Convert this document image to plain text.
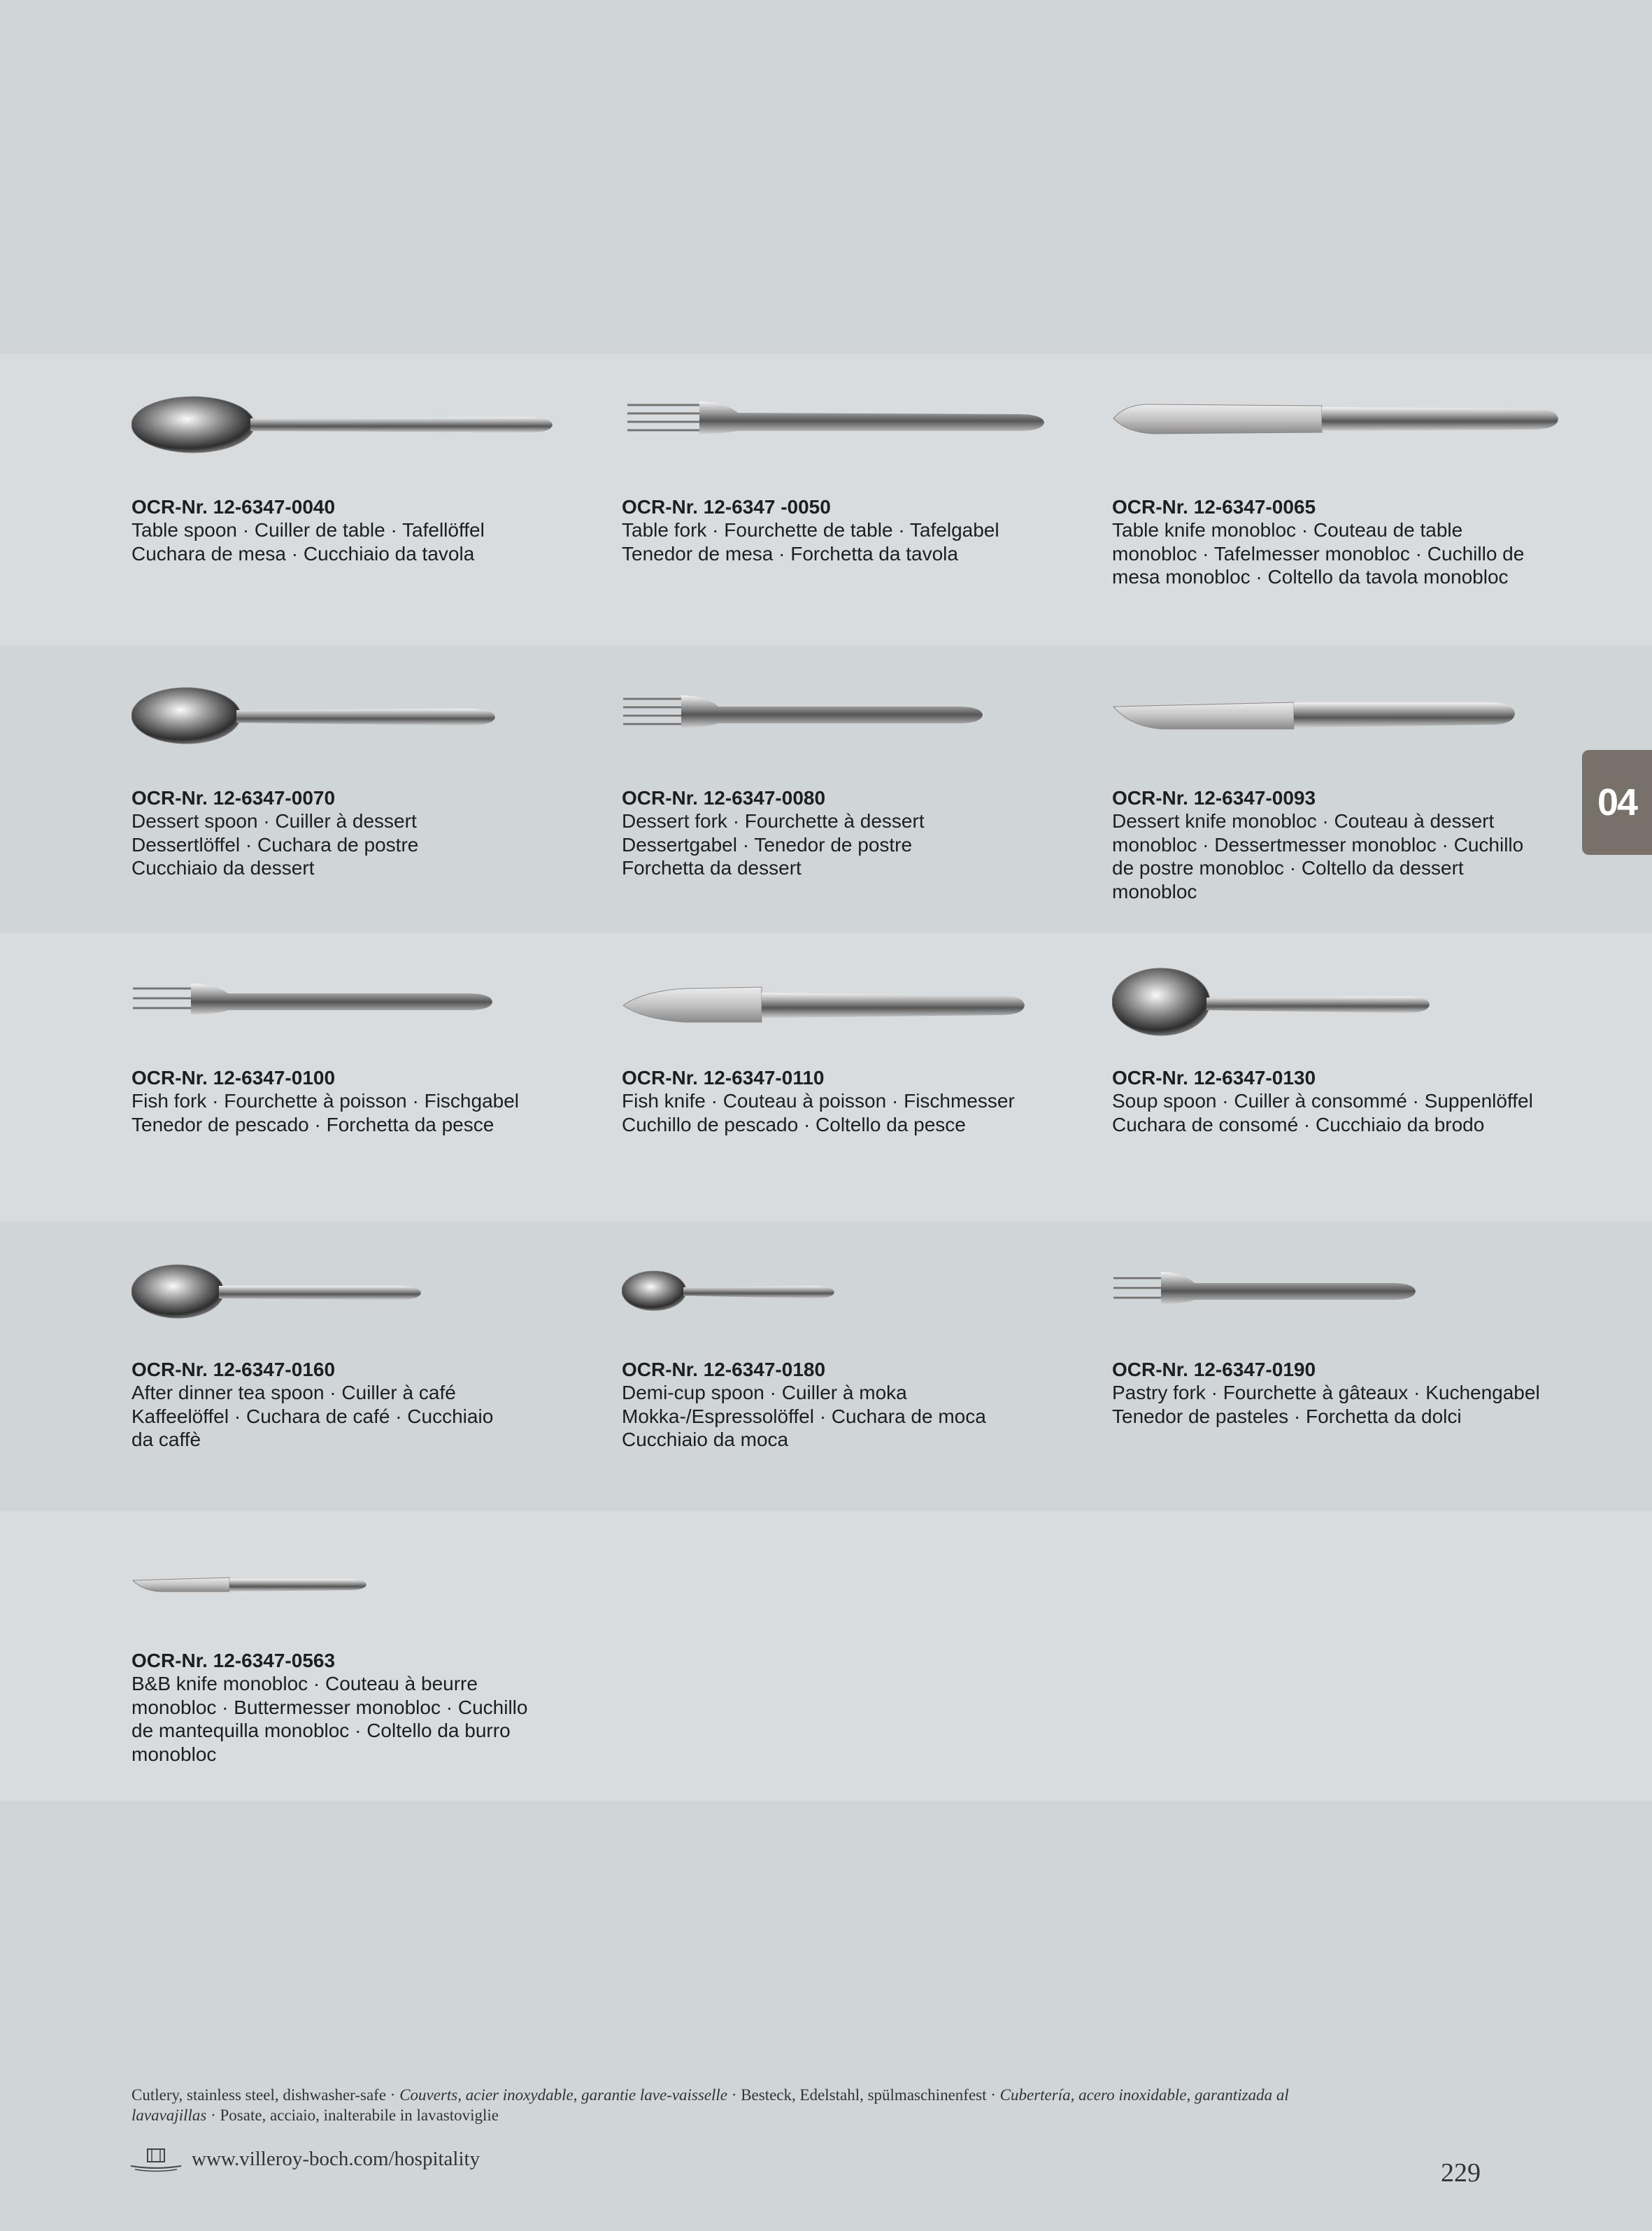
OCR-Nr. 12-6347-0040
Table spoon · Cuiller de table · Tafellöffel
Cuchara de mesa · Cucchiaio da tavola
OCR-Nr. 12-6347 -0050
Table fork · Fourchette de table · Tafelgabel
Tenedor de mesa · Forchetta da tavola
OCR-Nr. 12-6347-0065
Table knife monobloc · Couteau de table
monobloc · Tafelmesser monobloc · Cuchillo de
mesa monobloc · Coltello da tavola monobloc
OCR-Nr. 12-6347-0070
Dessert spoon · Cuiller à dessert
Dessertlöffel · Cuchara de postre
Cucchiaio da dessert
OCR-Nr. 12-6347-0080
Dessert fork · Fourchette à dessert
Dessertgabel · Tenedor de postre
Forchetta da dessert
OCR-Nr. 12-6347-0093
Dessert knife monobloc · Couteau à dessert
monobloc · Dessertmesser monobloc · Cuchillo
de postre monobloc · Coltello da dessert
monobloc
OCR-Nr. 12-6347-0100
Fish fork · Fourchette à poisson · Fischgabel
Tenedor de pescado · Forchetta da pesce
OCR-Nr. 12-6347-0110
Fish knife · Couteau à poisson · Fischmesser
Cuchillo de pescado · Coltello da pesce
OCR-Nr. 12-6347-0130
Soup spoon · Cuiller à consommé · Suppenlöffel
Cuchara de consomé · Cucchiaio da brodo
OCR-Nr. 12-6347-0160
After dinner tea spoon · Cuiller à café
Kaffeelöffel · Cuchara de café · Cucchiaio
da caffè
OCR-Nr. 12-6347-0180
Demi-cup spoon · Cuiller à moka
Mokka-/Espressolöffel · Cuchara de moca
Cucchiaio da moca
OCR-Nr. 12-6347-0190
Pastry fork · Fourchette à gâteaux · Kuchengabel
Tenedor de pasteles · Forchetta da dolci
OCR-Nr. 12-6347-0563
B&B knife monobloc · Couteau à beurre
monobloc · Buttermesser monobloc · Cuchillo
de mantequilla monobloc · Coltello da burro
monobloc
04
Cutlery, stainless steel, dishwasher-safe · Couverts, acier inoxydable, garantie lave-vaisselle · Besteck, Edelstahl, spülmaschinenfest · Cubertería, acero inoxidable, garantizada al lavavajillas · Posate, acciaio, inalterabile in lavastoviglie
www.villeroy-boch.com/hospitality	229
